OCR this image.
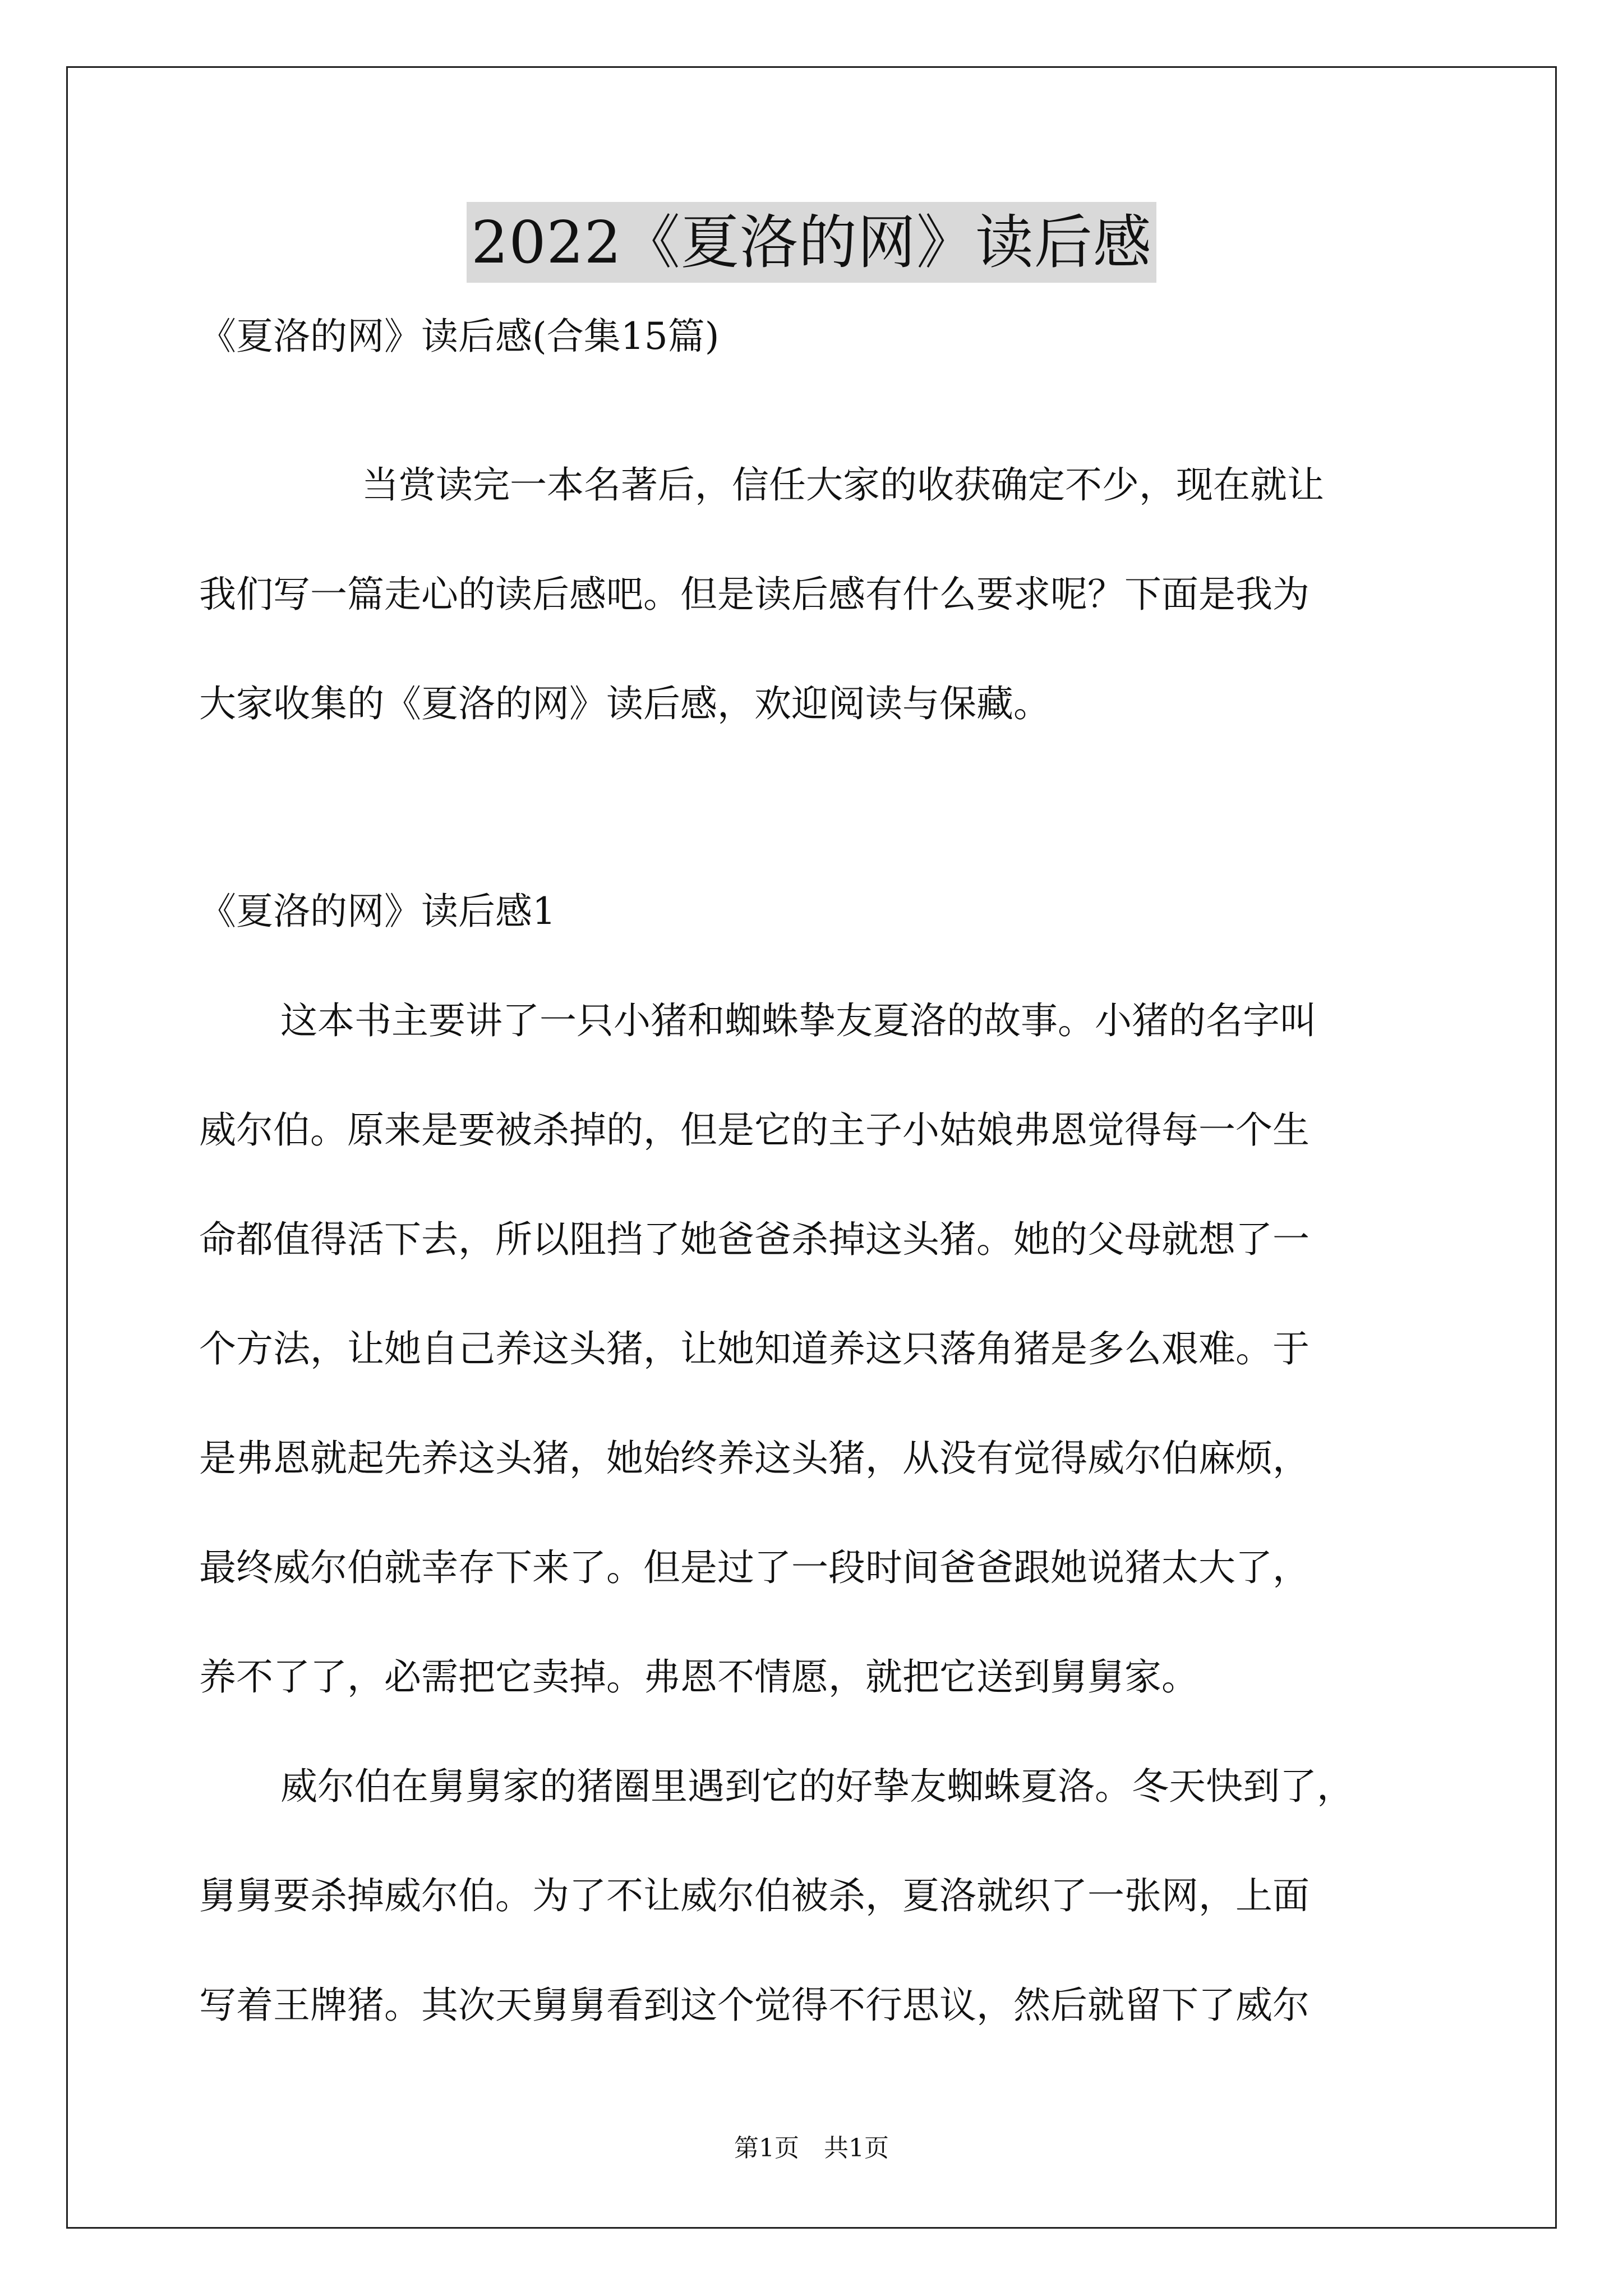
2022《夏洛的网》读后感
《夏洛的网》读后感(合集15篇)
当赏读完一本名著后，信任大家的收获确定不少，现在就让
我们写一篇走心的读后感吧。但是读后感有什么要求呢？下面是我为
大家收集的《夏洛的网》读后感，欢迎阅读与保藏。
《夏洛的网》读后感1
这本书主要讲了一只小猪和蜘蛛挚友夏洛的故事。小猪的名字叫
威尔伯。原来是要被杀掉的，但是它的主子小姑娘弗恩觉得每一个生
命都值得活下去，所以阻挡了她爸爸杀掉这头猪。她的父母就想了一
个方法，让她自己养这头猪，让她知道养这只落角猪是多么艰难。于
是弗恩就起先养这头猪，她始终养这头猪，从没有觉得威尔伯麻烦，
最终威尔伯就幸存下来了。但是过了一段时间爸爸跟她说猪太大了，
养不了了，必需把它卖掉。弗恩不情愿，就把它送到舅舅家。
威尔伯在舅舅家的猪圈里遇到它的好挚友蜘蛛夏洛。冬天快到了，
舅舅要杀掉威尔伯。为了不让威尔伯被杀，夏洛就织了一张网，上面
写着王牌猪。其次天舅舅看到这个觉得不行思议，然后就留下了威尔
第1页　共1页
